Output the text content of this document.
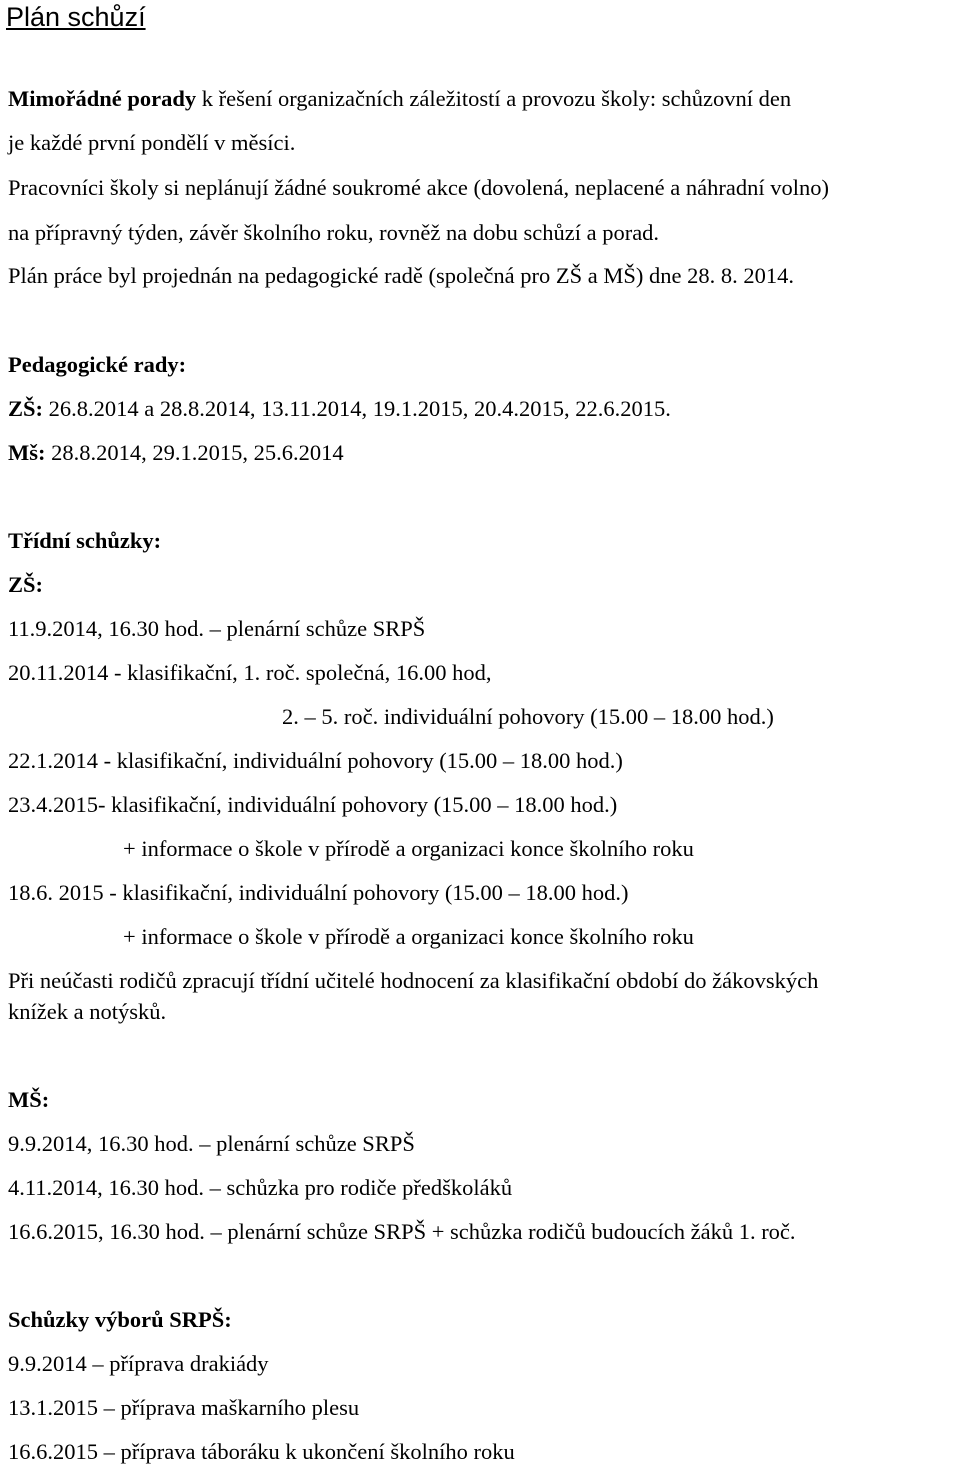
Plán schůzí
Mimořádné porady k řešení organizačních záležitostí a provozu školy: schůzovní den
je každé první pondělí v měsíci.
Pracovníci školy si neplánují žádné soukromé akce (dovolená, neplacené a náhradní volno)
na přípravný týden, závěr školního roku, rovněž na dobu schůzí a porad.
Plán práce byl projednán na pedagogické radě (společná pro ZŠ a MŠ) dne 28. 8. 2014.
Pedagogické rady:
ZŠ: 26.8.2014 a 28.8.2014, 13.11.2014, 19.1.2015, 20.4.2015, 22.6.2015.
Mš: 28.8.2014, 29.1.2015, 25.6.2014
Třídní schůzky:
ZŠ:
11.9.2014, 16.30 hod. – plenární schůze SRPŠ
20.11.2014 - klasifikační, 1. roč. společná, 16.00 hod,
2. – 5. roč. individuální pohovory (15.00 – 18.00 hod.)
22.1.2014 - klasifikační, individuální pohovory (15.00 – 18.00 hod.)
23.4.2015- klasifikační, individuální pohovory (15.00 – 18.00 hod.)
+ informace o škole v přírodě a organizaci konce školního roku
18.6. 2015 - klasifikační, individuální pohovory (15.00 – 18.00 hod.)
+ informace o škole v přírodě a organizaci konce školního roku
Při neúčasti rodičů zpracují třídní učitelé hodnocení za klasifikační období do žákovských
knížek a notýsků.
MŠ:
9.9.2014, 16.30 hod. – plenární schůze SRPŠ
4.11.2014, 16.30 hod. – schůzka pro rodiče předškoláků
16.6.2015, 16.30 hod. – plenární schůze SRPŠ + schůzka rodičů budoucích žáků 1. roč.
Schůzky výborů SRPŠ:
9.9.2014 – příprava drakiády
13.1.2015 – příprava maškarního plesu
16.6.2015 – příprava táboráku k ukončení školního roku
